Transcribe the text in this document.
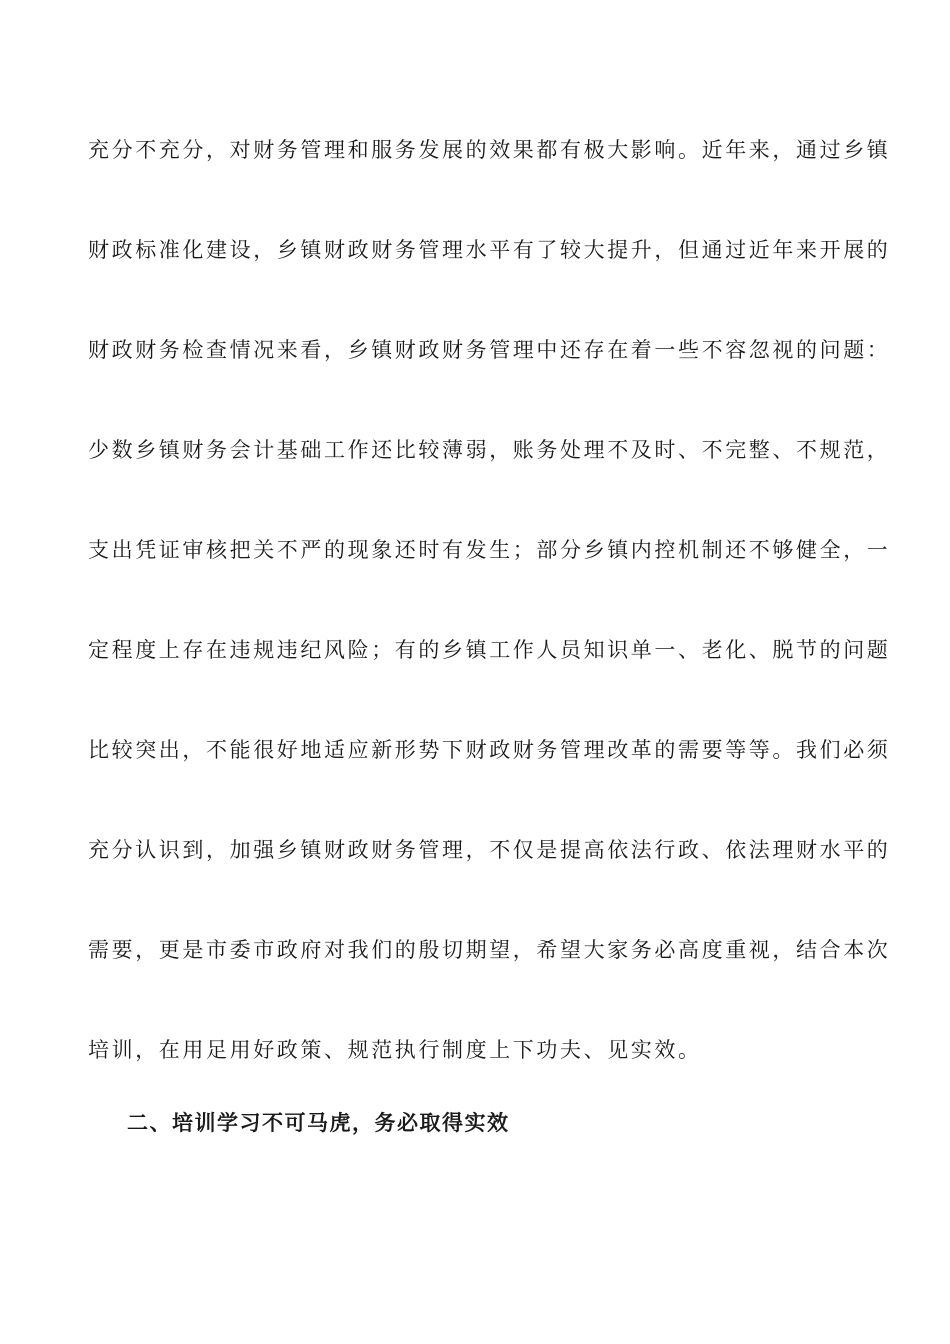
充分不充分，对财务管理和服务发展的效果都有极大影响。近年来，通过乡镇
财政标准化建设，乡镇财政财务管理水平有了较大提升，但通过近年来开展的
财政财务检查情况来看，乡镇财政财务管理中还存在着一些不容忽视的问题：
少数乡镇财务会计基础工作还比较薄弱，账务处理不及时、不完整、不规范，
支出凭证审核把关不严的现象还时有发生；部分乡镇内控机制还不够健全，一
定程度上存在违规违纪风险；有的乡镇工作人员知识单一、老化、脱节的问题
比较突出，不能很好地适应新形势下财政财务管理改革的需要等等。我们必须
充分认识到，加强乡镇财政财务管理，不仅是提高依法行政、依法理财水平的
需要，更是市委市政府对我们的殷切期望，希望大家务必高度重视，结合本次
培训，在用足用好政策、规范执行制度上下功夫、见实效。
二、培训学习不可马虎，务必取得实效
